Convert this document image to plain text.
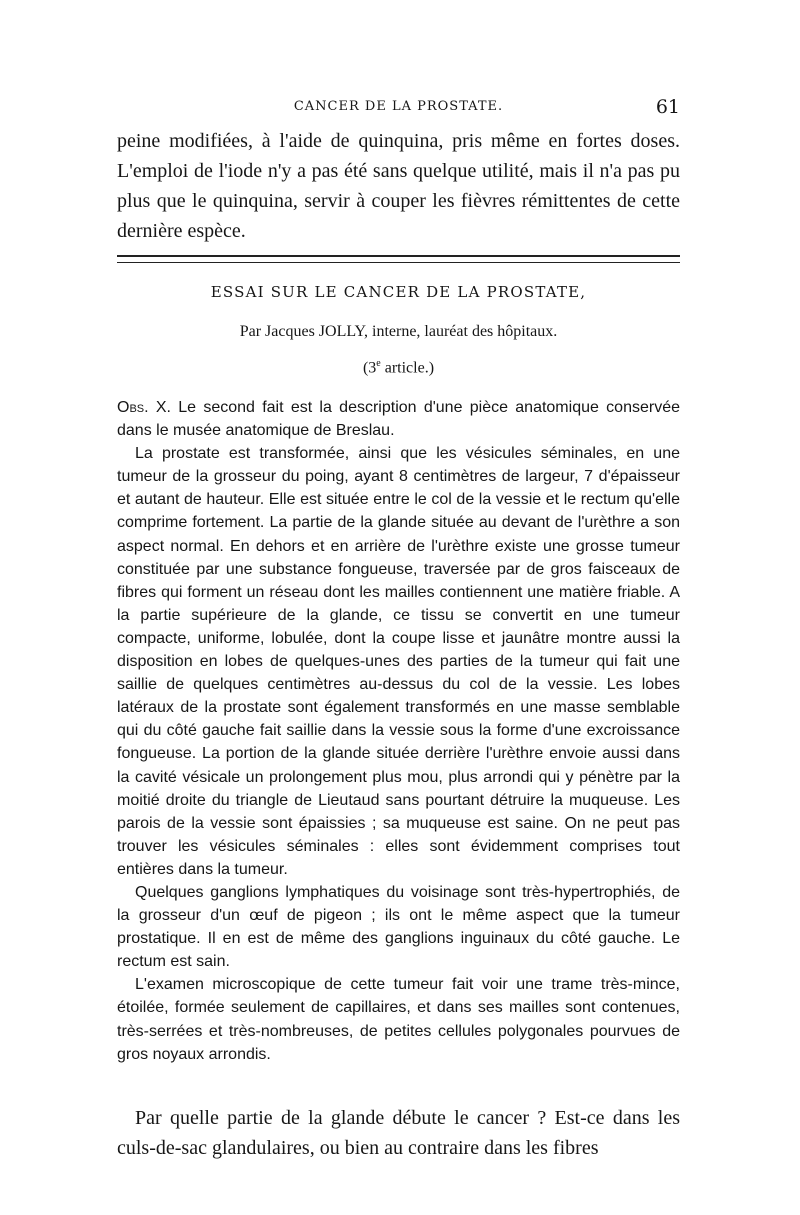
CANCER DE LA PROSTATE.	61
peine modifiées, à l'aide de quinquina, pris même en fortes doses. L'emploi de l'iode n'y a pas été sans quelque utilité, mais il n'a pas pu plus que le quinquina, servir à couper les fièvres rémittentes de cette dernière espèce.
ESSAI SUR LE CANCER DE LA PROSTATE,
Par Jacques JOLLY, interne, lauréat des hôpitaux.
(3e article.)

Obs. X. Le second fait est la description d'une pièce anatomique conservée dans le musée anatomique de Breslau.

La prostate est transformée, ainsi que les vésicules séminales, en une tumeur de la grosseur du poing, ayant 8 centimètres de largeur, 7 d'épaisseur et autant de hauteur. Elle est située entre le col de la vessie et le rectum qu'elle comprime fortement. La partie de la glande située au devant de l'urèthre a son aspect normal. En dehors et en arrière de l'urèthre existe une grosse tumeur constituée par une substance fongueuse, traversée par de gros faisceaux de fibres qui forment un réseau dont les mailles contiennent une matière friable. A la partie supérieure de la glande, ce tissu se convertit en une tumeur compacte, uniforme, lobulée, dont la coupe lisse et jaunâtre montre aussi la disposition en lobes de quelques-unes des parties de la tumeur qui fait une saillie de quelques centimètres au-dessus du col de la vessie. Les lobes latéraux de la prostate sont également transformés en une masse semblable qui du côté gauche fait saillie dans la vessie sous la forme d'une excroissance fongueuse. La portion de la glande située derrière l'urèthre envoie aussi dans la cavité vésicale un prolongement plus mou, plus arrondi qui y pénètre par la moitié droite du triangle de Lieutaud sans pourtant détruire la muqueuse. Les parois de la vessie sont épaissies ; sa muqueuse est saine. On ne peut pas trouver les vésicules séminales : elles sont évidemment comprises tout entières dans la tumeur.

Quelques ganglions lymphatiques du voisinage sont très-hypertrophiés, de la grosseur d'un œuf de pigeon ; ils ont le même aspect que la tumeur prostatique. Il en est de même des ganglions inguinaux du côté gauche. Le rectum est sain.

L'examen microscopique de cette tumeur fait voir une trame très-mince, étoilée, formée seulement de capillaires, et dans ses mailles sont contenues, très-serrées et très-nombreuses, de petites cellules polygonales pourvues de gros noyaux arrondis.

Par quelle partie de la glande débute le cancer ? Est-ce dans les culs-de-sac glandulaires, ou bien au contraire dans les fibres
